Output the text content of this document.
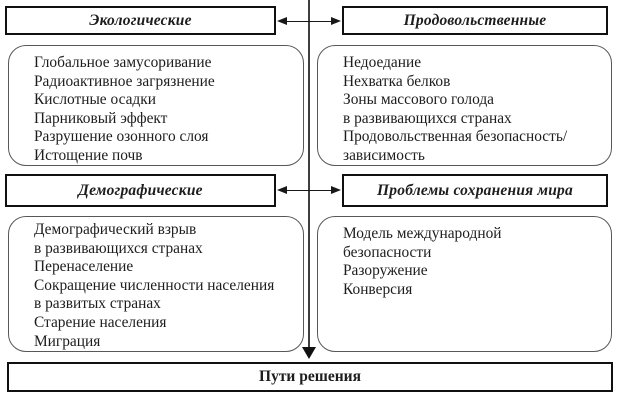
Экологические	Продовольственные
Демографические	Проблемы сохранения мира
Глобальное замусоривание
Радиоактивное загрязнение
Кислотные осадки
Парниковый эффект
Разрушение озонного слоя
Истощение почв
Недоедание
Нехватка белков
Зоны массового голода
в развивающихся странах
Продовольственная безопасность/
зависимость
Демографический взрыв
в развивающихся странах
Перенаселение
Сокращение численности населения
в развитых странах
Старение населения
Миграция
Модель международной
безопасности
Разоружение
Конверсия
Пути решения
